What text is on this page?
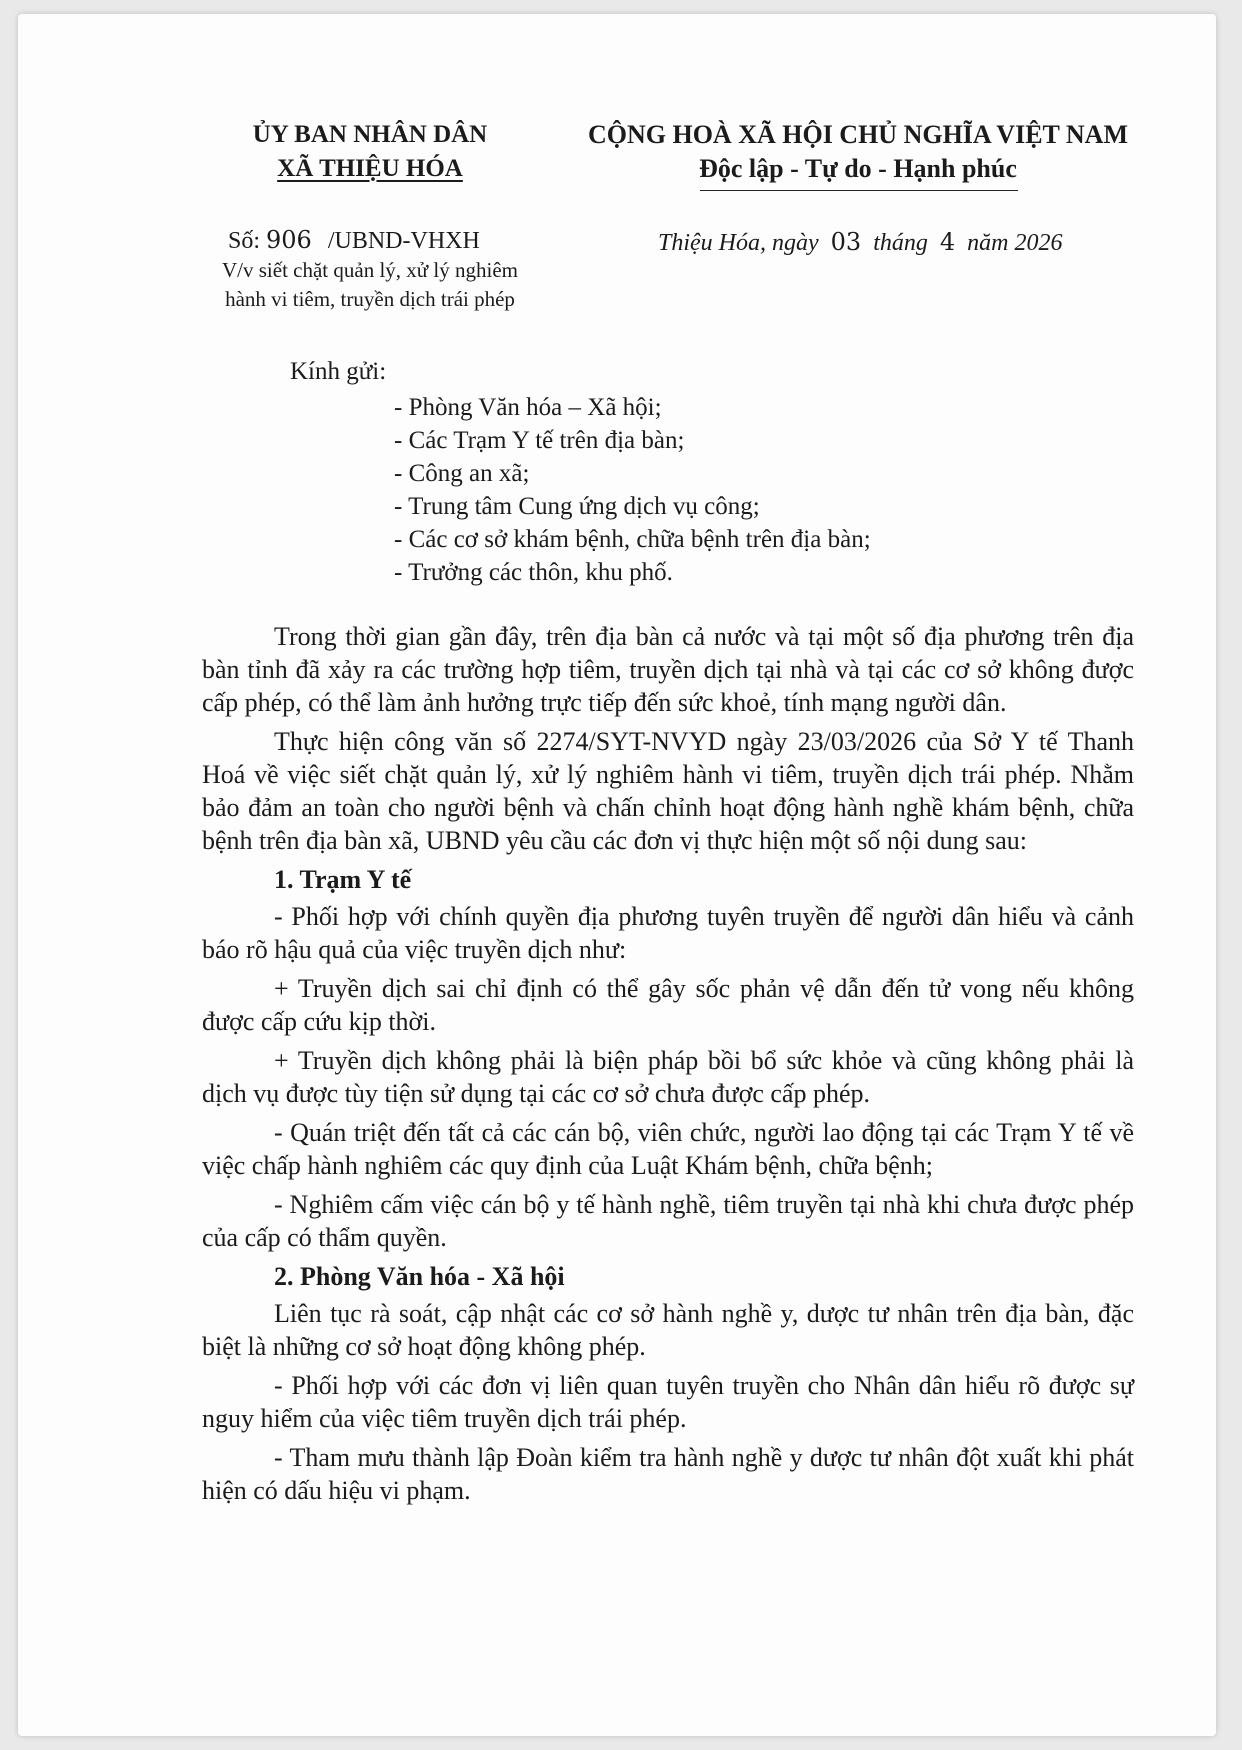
ỦY BAN NHÂN DÂN
XÃ THIỆU HÓA
CỘNG HOÀ XÃ HỘI CHỦ NGHĨA VIỆT NAM
Độc lập - Tự do - Hạnh phúc
Số: 906 /UBND-VHXH
V/v siết chặt quản lý, xử lý nghiêm
hành vi tiêm, truyền dịch trái phép
Thiệu Hóa, ngày 03 tháng 4 năm 2026
Kính gửi:
- Phòng Văn hóa – Xã hội;
- Các Trạm Y tế trên địa bàn;
- Công an xã;
- Trung tâm Cung ứng dịch vụ công;
- Các cơ sở khám bệnh, chữa bệnh trên địa bàn;
- Trưởng các thôn, khu phố.

Trong thời gian gần đây, trên địa bàn cả nước và tại một số địa phương trên địa bàn tỉnh đã xảy ra các trường hợp tiêm, truyền dịch tại nhà và tại các cơ sở không được cấp phép, có thể làm ảnh hưởng trực tiếp đến sức khoẻ, tính mạng người dân.

Thực hiện công văn số 2274/SYT-NVYD ngày 23/03/2026 của Sở Y tế Thanh Hoá về việc siết chặt quản lý, xử lý nghiêm hành vi tiêm, truyền dịch trái phép. Nhằm bảo đảm an toàn cho người bệnh và chấn chỉnh hoạt động hành nghề khám bệnh, chữa bệnh trên địa bàn xã, UBND yêu cầu các đơn vị thực hiện một số nội dung sau:

1. Trạm Y tế

- Phối hợp với chính quyền địa phương tuyên truyền để người dân hiểu và cảnh báo rõ hậu quả của việc truyền dịch như:

+ Truyền dịch sai chỉ định có thể gây sốc phản vệ dẫn đến tử vong nếu không được cấp cứu kịp thời.

+ Truyền dịch không phải là biện pháp bồi bổ sức khỏe và cũng không phải là dịch vụ được tùy tiện sử dụng tại các cơ sở chưa được cấp phép.

- Quán triệt đến tất cả các cán bộ, viên chức, người lao động tại các Trạm Y tế về việc chấp hành nghiêm các quy định của Luật Khám bệnh, chữa bệnh;

- Nghiêm cấm việc cán bộ y tế hành nghề, tiêm truyền tại nhà khi chưa được phép của cấp có thẩm quyền.

2. Phòng Văn hóa - Xã hội

Liên tục rà soát, cập nhật các cơ sở hành nghề y, dược tư nhân trên địa bàn, đặc biệt là những cơ sở hoạt động không phép.

- Phối hợp với các đơn vị liên quan tuyên truyền cho Nhân dân hiểu rõ được sự nguy hiểm của việc tiêm truyền dịch trái phép.

- Tham mưu thành lập Đoàn kiểm tra hành nghề y dược tư nhân đột xuất khi phát hiện có dấu hiệu vi phạm.
